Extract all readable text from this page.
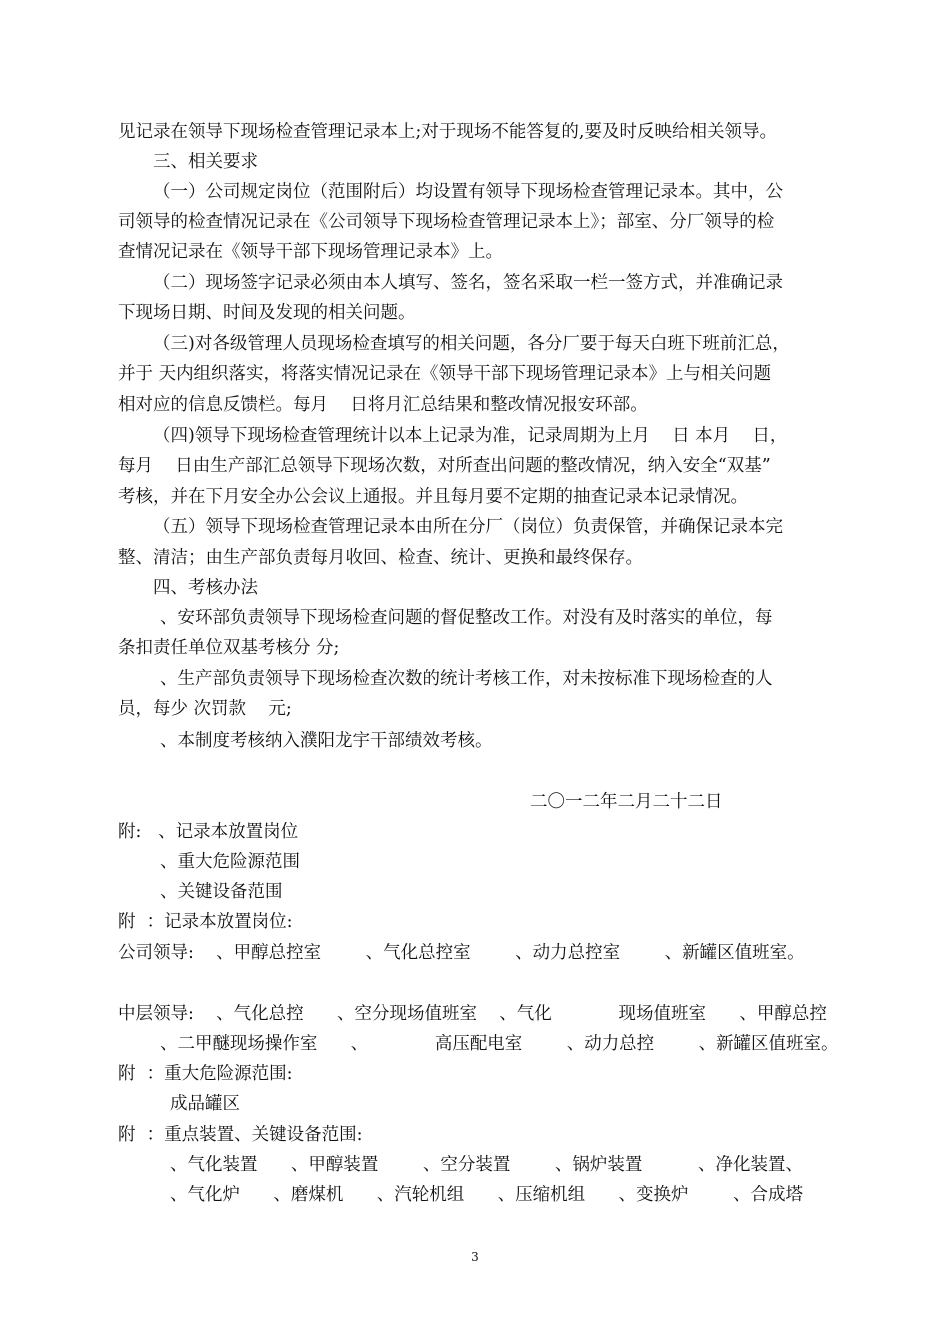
见记录在领导下现场检查管理记录本上;对于现场不能答复的,要及时反映给相关领导。
三、相关要求
（一）公司规定岗位（范围附后）均设置有领导下现场检查管理记录本。其中，公
司领导的检查情况记录在《公司领导下现场检查管理记录本上》；部室、分厂领导的检
查情况记录在《领导干部下现场管理记录本》上。
（二）现场签字记录必须由本人填写、签名，签名采取一栏一签方式，并准确记录
下现场日期、时间及发现的相关问题。
（三)对各级管理人员现场检查填写的相关问题，各分厂要于每天白班下班前汇总，
并于 天内组织落实，将落实情况记录在《领导干部下现场管理记录本》上与相关问题
相对应的信息反馈栏。每月    日将月汇总结果和整改情况报安环部。
（四)领导下现场检查管理统计以本上记录为准，记录周期为上月    日 本月    日，
每月    日由生产部汇总领导下现场次数，对所查出问题的整改情况，纳入安全“双基”
考核，并在下月安全办公会议上通报。并且每月要不定期的抽查记录本记录情况。
（五）领导下现场检查管理记录本由所在分厂（岗位）负责保管，并确保记录本完
整、清洁；由生产部负责每月收回、检查、统计、更换和最终保存。
四、考核办法
、安环部负责领导下现场检查问题的督促整改工作。对没有及时落实的单位，每
条扣责任单位双基考核分 分;
、生产部负责领导下现场检查次数的统计考核工作，对未按标准下现场检查的人
员，每少 次罚款    元;
、本制度考核纳入濮阳龙宇干部绩效考核。
二〇一二年二月二十二日
附:   、记录本放置岗位
、重大危险源范围
、关键设备范围
附  ：记录本放置岗位:
公司领导:    、甲醇总控室        、气化总控室        、动力总控室        、新罐区值班室。
中层领导:    、气化总控      、空分现场值班室    、气化            现场值班室      、甲醇总控
、二甲醚现场操作室      、            高压配电室        、动力总控        、新罐区值班室。
附  ：重大危险源范围:
成品罐区
附  ：重点装置、关键设备范围:
、气化装置      、甲醇装置        、空分装置        、锅炉装置          、净化装置、
、气化炉      、磨煤机      、汽轮机组      、压缩机组      、变换炉        、合成塔
3
